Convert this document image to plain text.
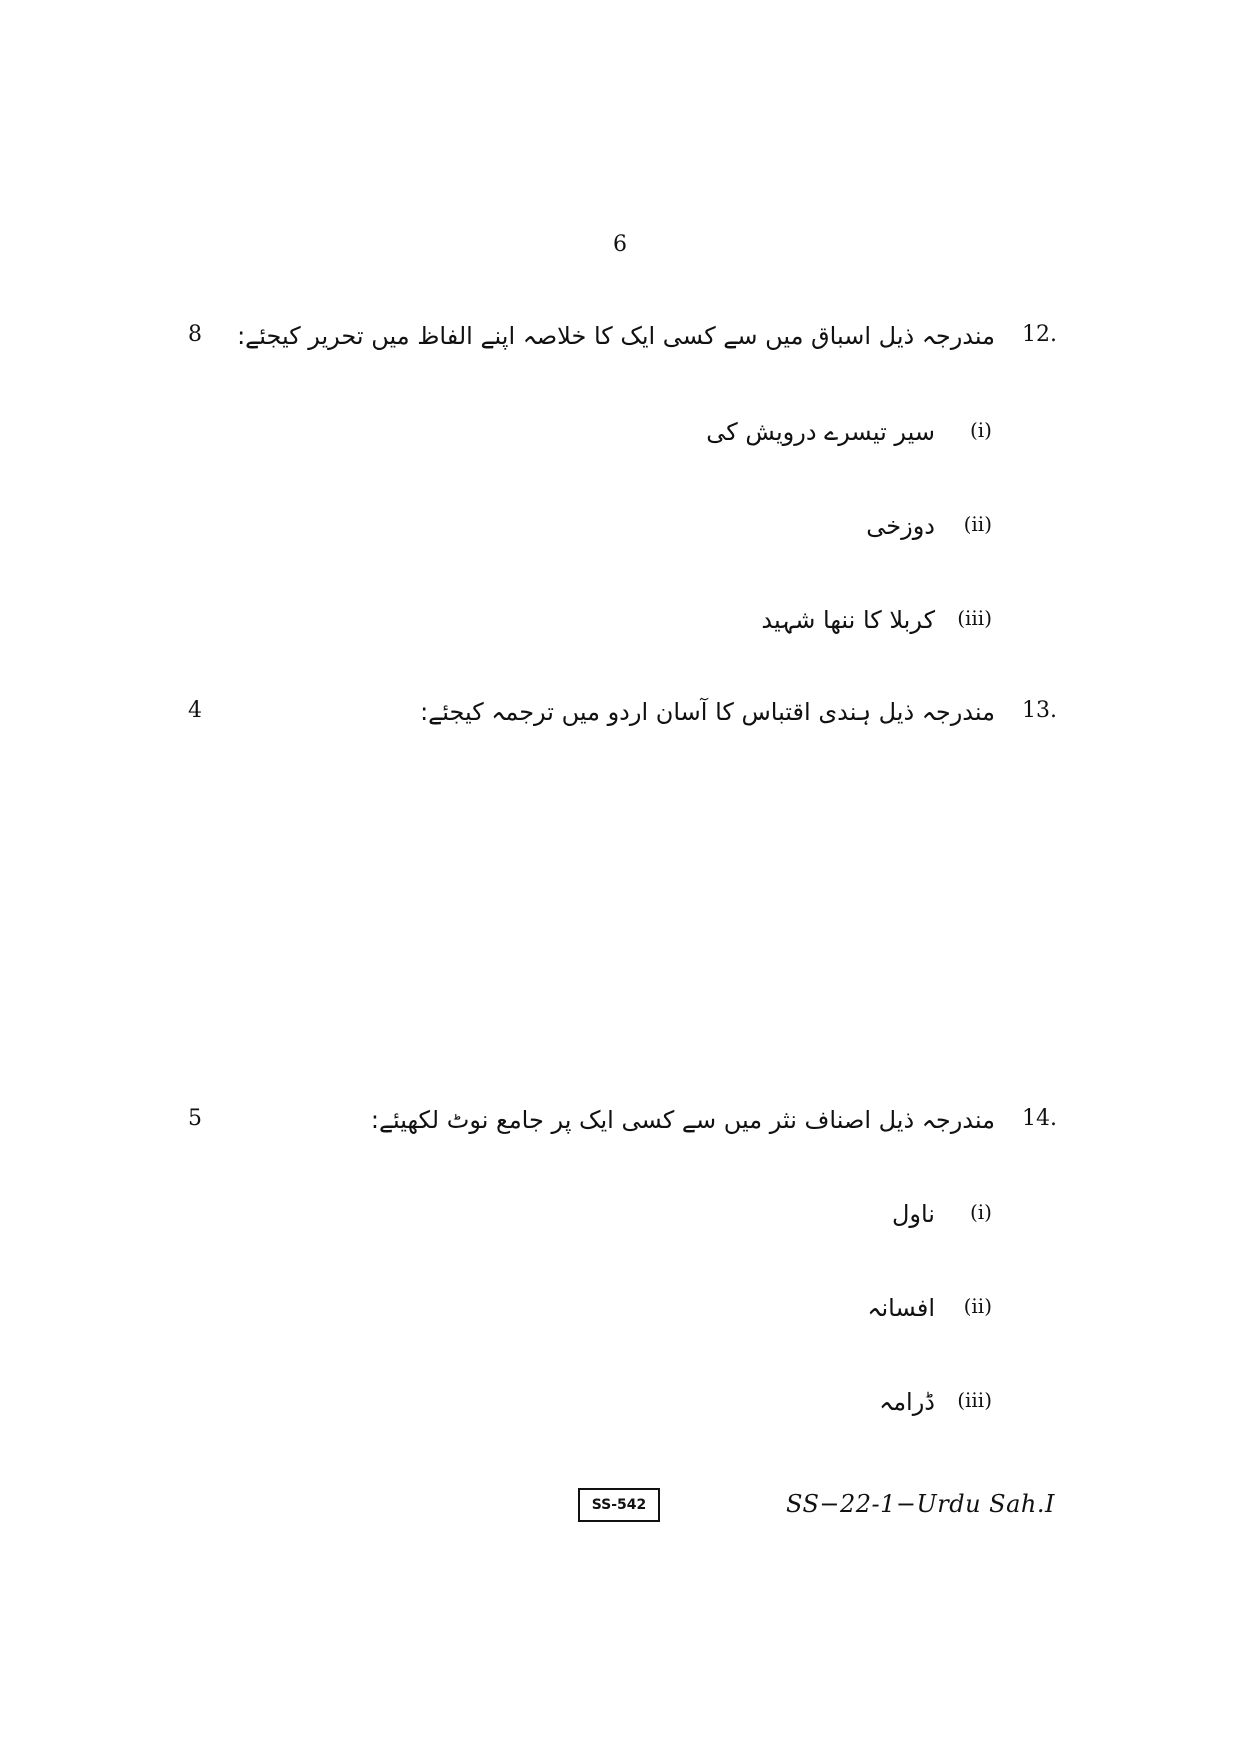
6
8 مندرجہ ذیل اسباق میں سے کسی ایک کا خلاصہ اپنے الفاظ میں تحریر کیجئے: 12.
سیر تیسرے درویش کی (i)
دوزخی (ii)
کربلا کا ننھا شہید (iii)
4	مندرجہ ذیل ہندی اقتباس کا آسان اردو میں ترجمہ کیجئے: 13.
5	مندرجہ ذیل اصناف نثر میں سے کسی ایک پر جامع نوٹ لکھیئے: 14.
ناول (i)
افسانہ (ii)
ڈرامہ (iii)
SS-542	SS−22-1−Urdu Sah.I
